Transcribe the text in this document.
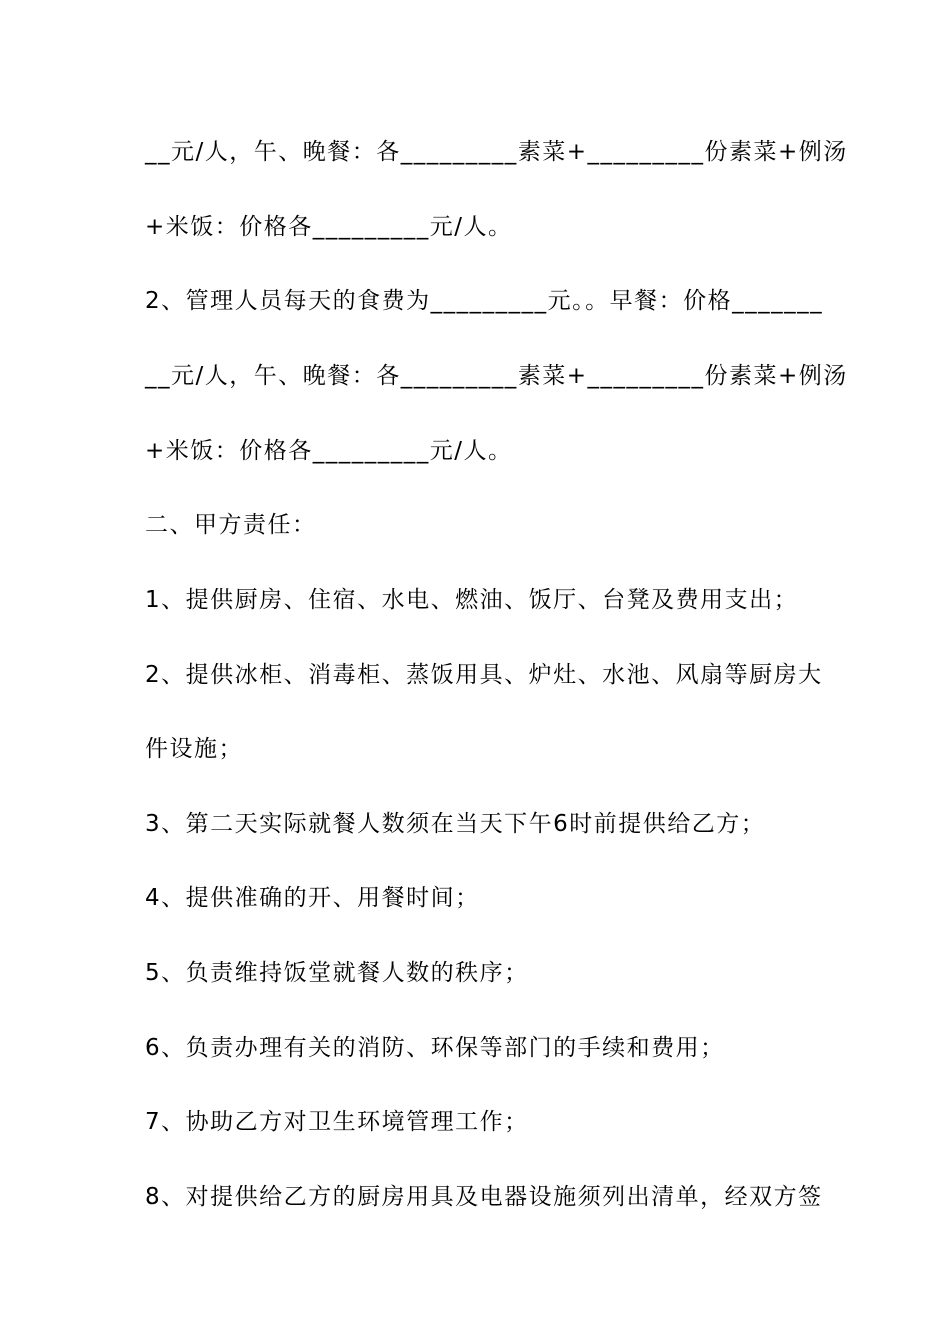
__元/人，午、晚餐：各_________素菜+_________份素菜+例汤
+米饭：价格各_________元/人。
2、管理人员每天的食费为_________元。。早餐：价格_______
__元/人，午、晚餐：各_________素菜+_________份素菜+例汤
+米饭：价格各_________元/人。
二、甲方责任：
1、提供厨房、住宿、水电、燃油、饭厅、台凳及费用支出；
2、提供冰柜、消毒柜、蒸饭用具、炉灶、水池、风扇等厨房大
件设施；
3、第二天实际就餐人数须在当天下午6时前提供给乙方；
4、提供准确的开、用餐时间；
5、负责维持饭堂就餐人数的秩序；
6、负责办理有关的消防、环保等部门的手续和费用；
7、协助乙方对卫生环境管理工作；
8、对提供给乙方的厨房用具及电器设施须列出清单，经双方签
